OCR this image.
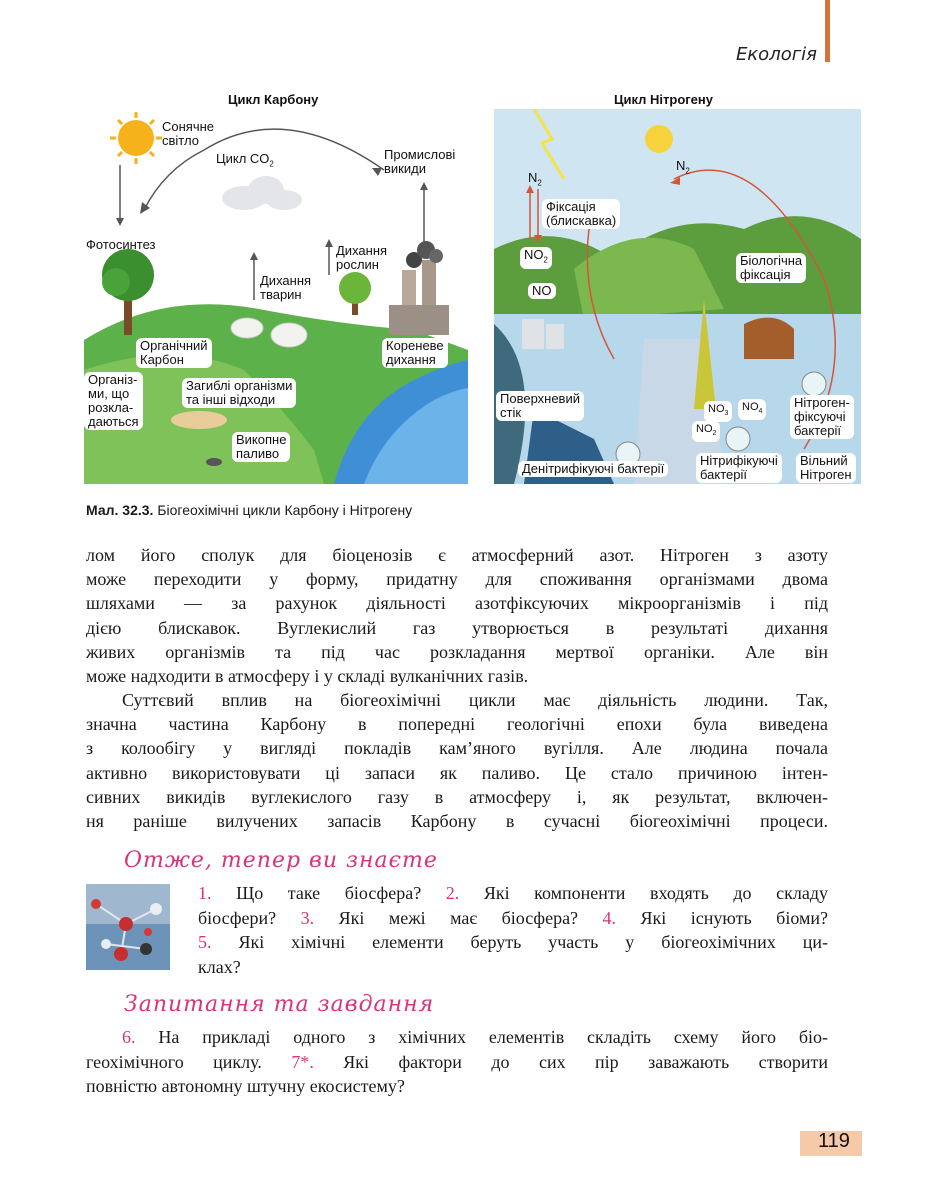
Екологія
Цикл Карбону
Сонячне
світло
Цикл $CO_2$
Промислові
викиди
Фотосинтез	Дихання
рослин
Дихання
тварин
Органічний
Карбон
Організ-
ми, що
розкла-
даються
Загиблі організми
та інші відходи
Кореневе
дихання
Викопне
паливо
Цикл Нітрогену
$N_2$
$N_2$
Фіксація
(блискавка)
$NO_2$
NO
Біологічна
фіксація
Поверхневий
стік	$NO_3$
$NO_4$
$NO_2$
Нітроген-
фіксуючі
бактерії
Денітрифікуючі бактерії
Нітрифікуючі
бактерії
Вільний
Нітроген
Мал. 32.3. Біогеохімічні цикли Карбону і Нітрогену
лом його сполук для біоценозів є атмосферний азот. Нітроген з азоту
може переходити у форму, придатну для споживання організмами двома
шляхами — за рахунок діяльності азотфіксуючих мікроорганізмів і під
дією блискавок. Вуглекислий газ утворюється в результаті дихання
живих організмів та під час розкладання мертвої органіки. Але він
може надходити в атмосферу і у складі вулканічних газів.
Суттєвий вплив на біогеохімічні цикли має діяльність людини. Так,
значна частина Карбону в попередні геологічні епохи була виведена
з колообігу у вигляді покладів кам’яного вугілля. Але людина почала
активно використовувати ці запаси як паливо. Це стало причиною інтен-
сивних викидів вуглекислого газу в атмосферу і, як результат, включен-
ня раніше вилучених запасів Карбону в сучасні біогеохімічні процеси.
Отже, тепер ви знаєте
1. Що таке біосфера? 2. Які компоненти входять до складу
біосфери? 3. Які межі має біосфера? 4. Які існують біоми?
5. Які хімічні елементи беруть участь у біогеохімічних ци-
клах?
Запитання та завдання
6. На прикладі одного з хімічних елементів складіть схему його біо-
геохімічного циклу. 7*. Які фактори до сих пір заважають створити
повністю автономну штучну екосистему?
119
